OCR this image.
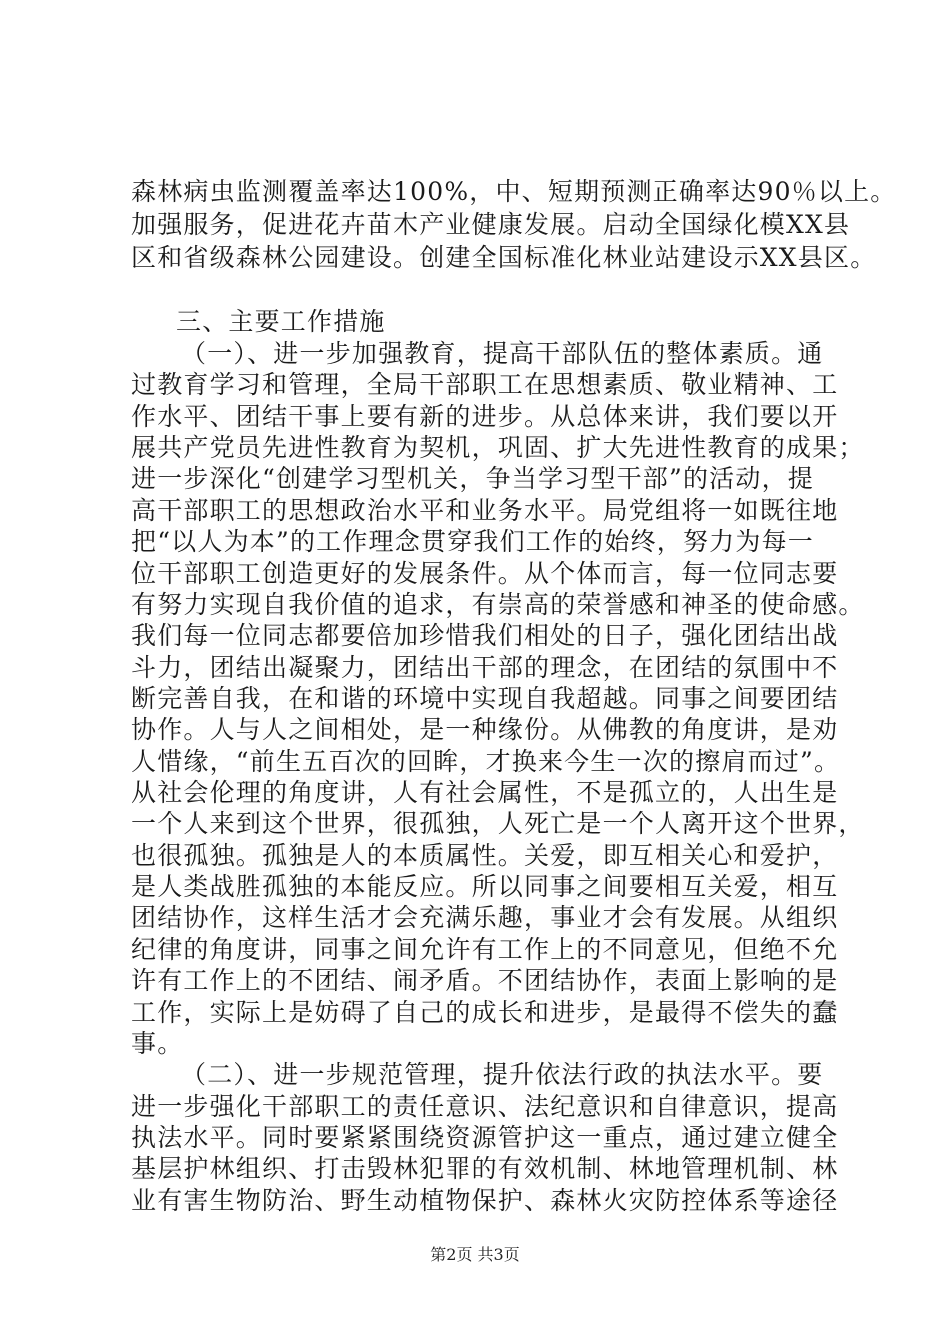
森林病虫监测覆盖率达100%，中、短期预测正确率达90％以上。
加强服务，促进花卉苗木产业健康发展。启动全国绿化模XX县
区和省级森林公园建设。创建全国标准化林业站建设示XX县区。
三、主要工作措施
（一）、进一步加强教育，提高干部队伍的整体素质。通
过教育学习和管理，全局干部职工在思想素质、敬业精神、工
作水平、团结干事上要有新的进步。从总体来讲，我们要以开
展共产党员先进性教育为契机，巩固、扩大先进性教育的成果；
进一步深化“创建学习型机关，争当学习型干部”的活动，提
高干部职工的思想政治水平和业务水平。局党组将一如既往地
把“以人为本”的工作理念贯穿我们工作的始终，努力为每一
位干部职工创造更好的发展条件。从个体而言，每一位同志要
有努力实现自我价值的追求，有崇高的荣誉感和神圣的使命感。
我们每一位同志都要倍加珍惜我们相处的日子，强化团结出战
斗力，团结出凝聚力，团结出干部的理念，在团结的氛围中不
断完善自我，在和谐的环境中实现自我超越。同事之间要团结
协作。人与人之间相处，是一种缘份。从佛教的角度讲，是劝
人惜缘，“前生五百次的回眸，才换来今生一次的擦肩而过”。
从社会伦理的角度讲，人有社会属性，不是孤立的，人出生是
一个人来到这个世界，很孤独，人死亡是一个人离开这个世界，
也很孤独。孤独是人的本质属性。关爱，即互相关心和爱护，
是人类战胜孤独的本能反应。所以同事之间要相互关爱，相互
团结协作，这样生活才会充满乐趣，事业才会有发展。从组织
纪律的角度讲，同事之间允许有工作上的不同意见，但绝不允
许有工作上的不团结、闹矛盾。不团结协作，表面上影响的是
工作，实际上是妨碍了自己的成长和进步，是最得不偿失的蠢
事。
（二）、进一步规范管理，提升依法行政的执法水平。要
进一步强化干部职工的责任意识、法纪意识和自律意识，提高
执法水平。同时要紧紧围绕资源管护这一重点，通过建立健全
基层护林组织、打击毁林犯罪的有效机制、林地管理机制、林
业有害生物防治、野生动植物保护、森林火灾防控体系等途径
第2页 共3页
